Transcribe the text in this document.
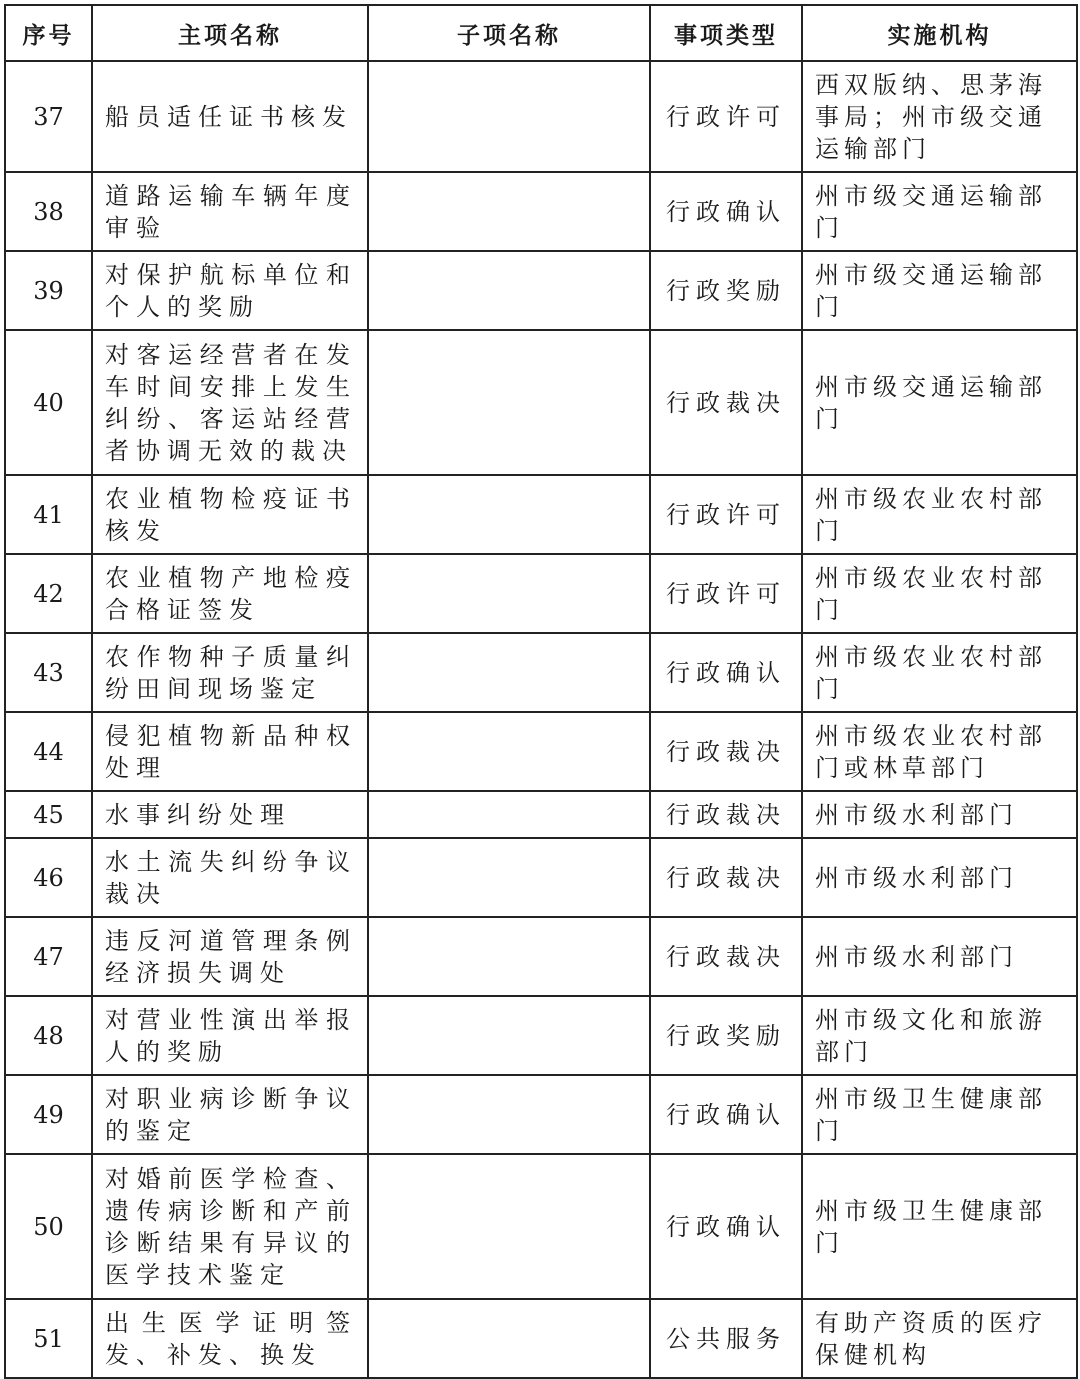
序号	主项名称	子项名称	事项类型	实施机构
37	船员适任证书核发		行政许可	西双版纳、思茅海事局；州市级交通运输部门
38	道路运输车辆年度审验		行政确认	州市级交通运输部门
39	对保护航标单位和个人的奖励		行政奖励	州市级交通运输部门
40	对客运经营者在发车时间安排上发生纠纷、客运站经营者协调无效的裁决		行政裁决	州市级交通运输部门
41	农业植物检疫证书核发		行政许可	州市级农业农村部门
42	农业植物产地检疫合格证签发		行政许可	州市级农业农村部门
43	农作物种子质量纠纷田间现场鉴定		行政确认	州市级农业农村部门
44	侵犯植物新品种权处理		行政裁决	州市级农业农村部门或林草部门
45	水事纠纷处理		行政裁决	州市级水利部门
46	水土流失纠纷争议裁决		行政裁决	州市级水利部门
47	违反河道管理条例经济损失调处		行政裁决	州市级水利部门
48	对营业性演出举报人的奖励		行政奖励	州市级文化和旅游部门
49	对职业病诊断争议的鉴定		行政确认	州市级卫生健康部门
50	对婚前医学检查、遗传病诊断和产前诊断结果有异议的医学技术鉴定		行政确认	州市级卫生健康部门
51	出生医学证明签发、补发、换发		公共服务	有助产资质的医疗保健机构
